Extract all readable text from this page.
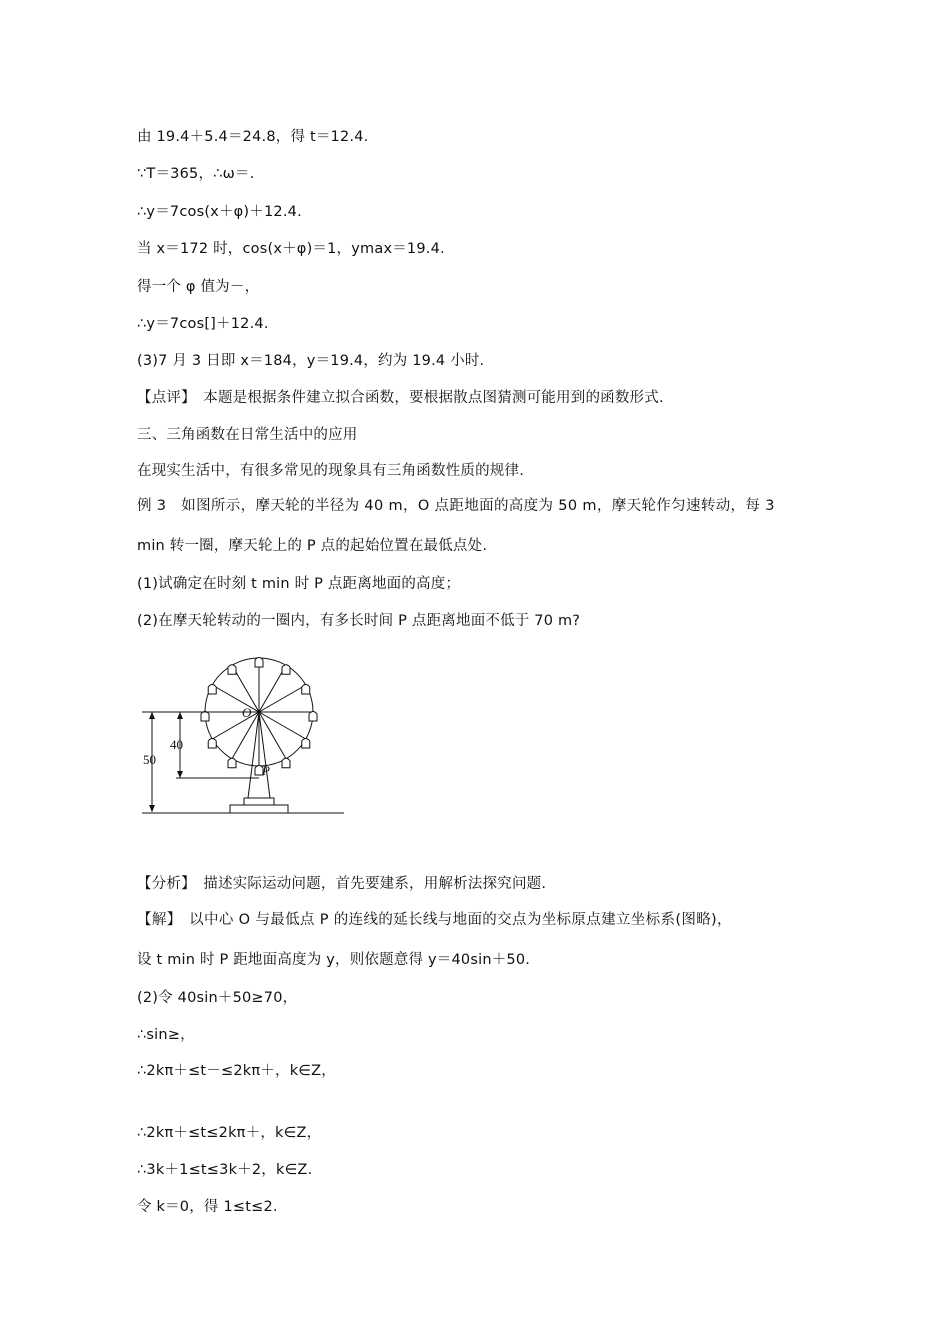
由 19.4＋5.4＝24.8，得 t＝12.4.
∵T＝365，∴ω＝.
∴y＝7cos(x＋φ)＋12.4.
当 x＝172 时，cos(x＋φ)＝1，ymax＝19.4.
得一个 φ 值为－，
∴y＝7cos[]＋12.4.
(3)7 月 3 日即 x＝184，y＝19.4，约为 19.4 小时.
【点评】　本题是根据条件建立拟合函数，要根据散点图猜测可能用到的函数形式.
三、三角函数在日常生活中的应用
在现实生活中，有很多常见的现象具有三角函数性质的规律.
例 3　如图所示，摩天轮的半径为 40 m，O 点距地面的高度为 50 m，摩天轮作匀速转动，每 3
min 转一圈，摩天轮上的 P 点的起始位置在最低点处.
(1)试确定在时刻 t min 时 P 点距离地面的高度；
(2)在摩天轮转动的一圈内，有多长时间 P 点距离地面不低于 70 m?
O
P
40
50
【分析】　描述实际运动问题，首先要建系，用解析法探究问题.
【解】　以中心 O 与最低点 P 的连线的延长线与地面的交点为坐标原点建立坐标系(图略)，
设 t min 时 P 距地面高度为 y，则依题意得 y＝40sin＋50.
(2)令 40sin＋50≥70，
∴sin≥，
∴2kπ＋≤t－≤2kπ＋，k∈Z，
∴2kπ＋≤t≤2kπ＋，k∈Z，
∴3k＋1≤t≤3k＋2，k∈Z.
令 k＝0，得 1≤t≤2.
